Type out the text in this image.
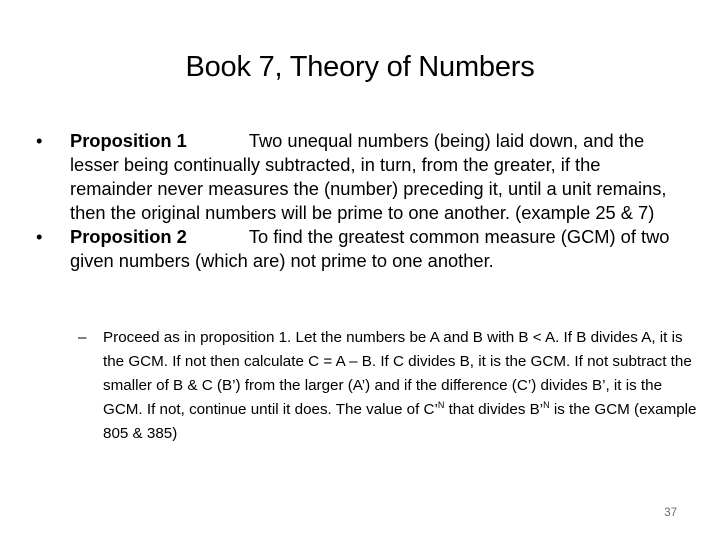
Book 7, Theory of Numbers
•	Proposition 1	Two unequal numbers (being) laid down, and the lesser being continually subtracted, in turn, from the greater, if the remainder never measures the (number) preceding it, until a unit remains, then the original numbers will be prime to one another. (example 25 & 7)
•	Proposition 2	To find the greatest common measure (GCM) of two given numbers (which are) not prime to one another.
–	Proceed as in proposition 1. Let the numbers be A and B with B < A. If B divides A, it is the GCM. If not then calculate C = A – B. If C divides B, it is the GCM. If not subtract the smaller of B & C (B’) from the larger (A’) and if the difference (C’) divides B’, it is the GCM. If not, continue until it does. The value of C’$^N$ that divides B’$^N$ is the GCM (example 805 & 385)
37
